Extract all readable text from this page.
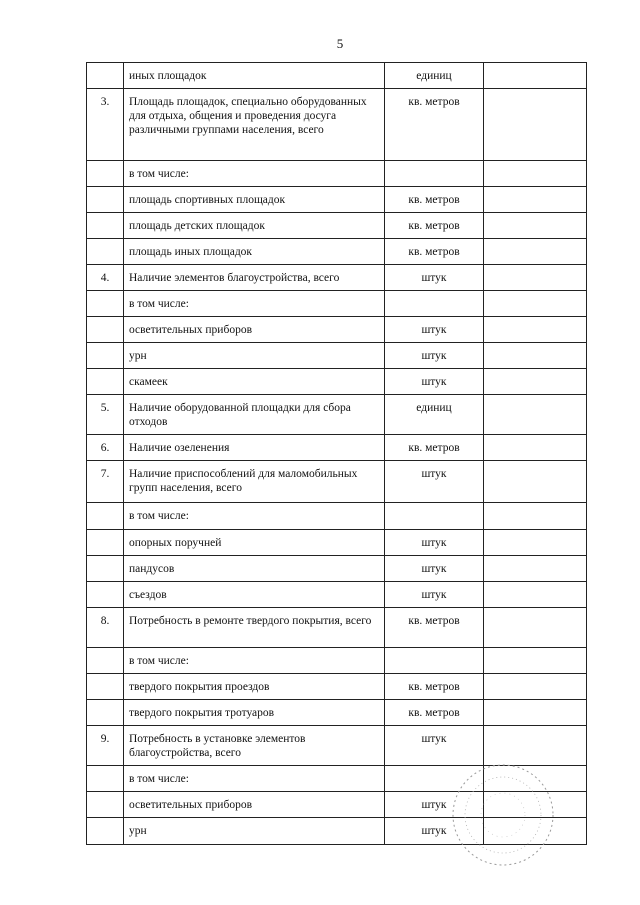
5
	иных площадок	единиц	
3.	Площадь площадок, специально оборудованных для отдыха, общения и проведения досуга различными группами населения, всего	кв. метров	
	в том числе:		
	площадь спортивных площадок	кв. метров	
	площадь детских площадок	кв. метров	
	площадь иных площадок	кв. метров	
4.	Наличие элементов благоустройства, всего	штук	
	в том числе:		
	осветительных приборов	штук	
	урн	штук	
	скамеек	штук	
5.	Наличие оборудованной площадки для сбора отходов	единиц	
6.	Наличие озеленения	кв. метров	
7.	Наличие приспособлений для маломобильных групп населения, всего	штук	
	в том числе:		
	опорных поручней	штук	
	пандусов	штук	
	съездов	штук	
8.	Потребность в ремонте твердого покрытия, всего	кв. метров	
	в том числе:		
	твердого покрытия проездов	кв. метров	
	твердого покрытия тротуаров	кв. метров	
9.	Потребность в установке элементов благоустройства, всего	штук	
	в том числе:		
	осветительных приборов	штук	
	урн	штук	
